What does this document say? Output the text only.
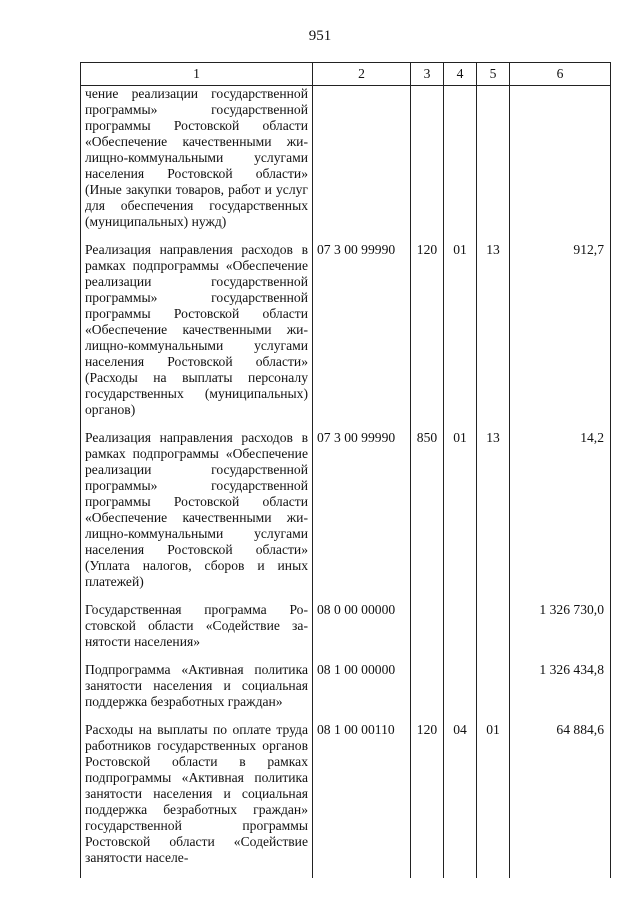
951
1	2	3	4	5	6
чение реализации государственной программы» государственной программы Ростовской области «Обеспечение качественными жилищно-коммунальными услугами населения Ростовской области» (Иные закупки товаров, работ и услуг для обеспечения государственных (муниципальных) нужд)					
Реализация направления расходов в рамках подпрограммы «Обеспечение реализации государственной программы» государственной программы Ростовской области «Обеспечение качественными жилищно-коммунальными услугами населения Ростовской области» (Расходы на выплаты персоналу государственных (муниципальных) органов)	07 3 00 99990	120	01	13	912,7
Реализация направления расходов в рамках подпрограммы «Обеспечение реализации государственной программы» государственной программы Ростовской области «Обеспечение качественными жилищно-коммунальными услугами населения Ростовской области» (Уплата налогов, сборов и иных платежей)	07 3 00 99990	850	01	13	14,2
Государственная программа Ростовской области «Содействие занятости населения»	08 0 00 00000				1 326 730,0
Подпрограмма «Активная политика занятости населения и социальная поддержка безработных граждан»	08 1 00 00000				1 326 434,8
Расходы на выплаты по оплате труда работников государственных органов Ростовской области в рамках подпрограммы «Активная политика занятости населения и социальная поддержка безработных граждан» государственной программы Ростовской области «Содействие занятости населе-	08 1 00 00110	120	04	01	64 884,6
